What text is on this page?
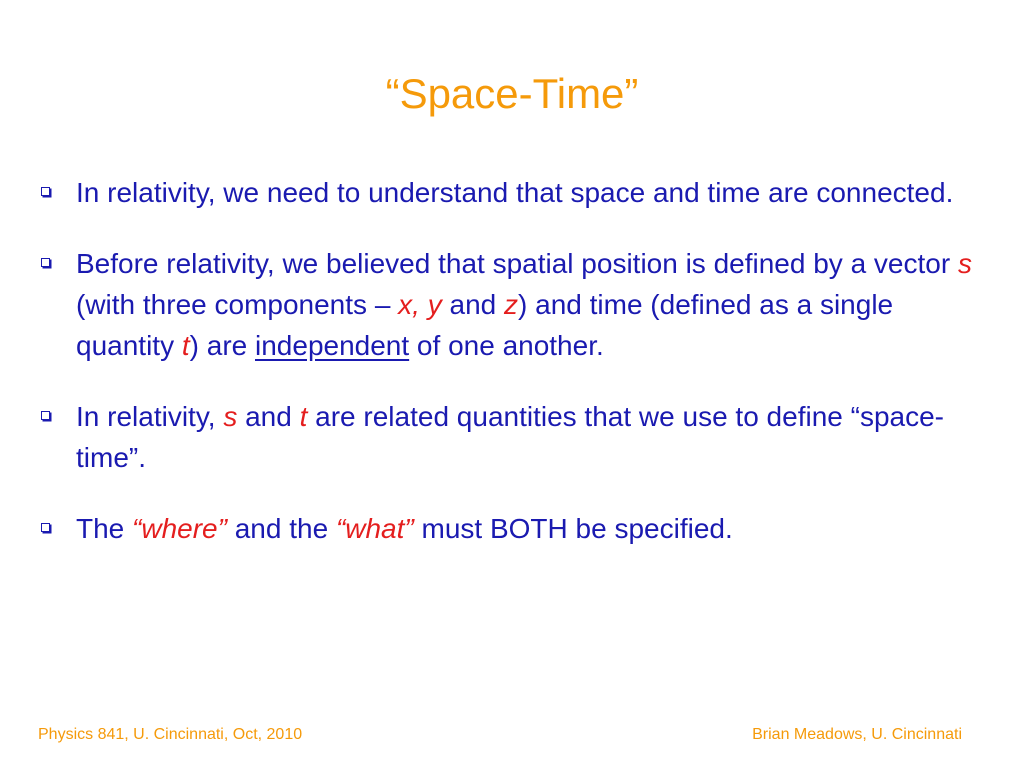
“Space-Time”
In relativity, we need to understand that space and time are connected.
Before relativity, we believed that spatial position is defined by a vector s (with three components – x, y and z) and time (defined as a single quantity t) are independent of one another.
In relativity, s and t are related quantities that we use to define “space-time”.
The “where” and the “what” must BOTH be specified.
Physics 841, U. Cincinnati, Oct, 2010	Brian Meadows, U. Cincinnati
